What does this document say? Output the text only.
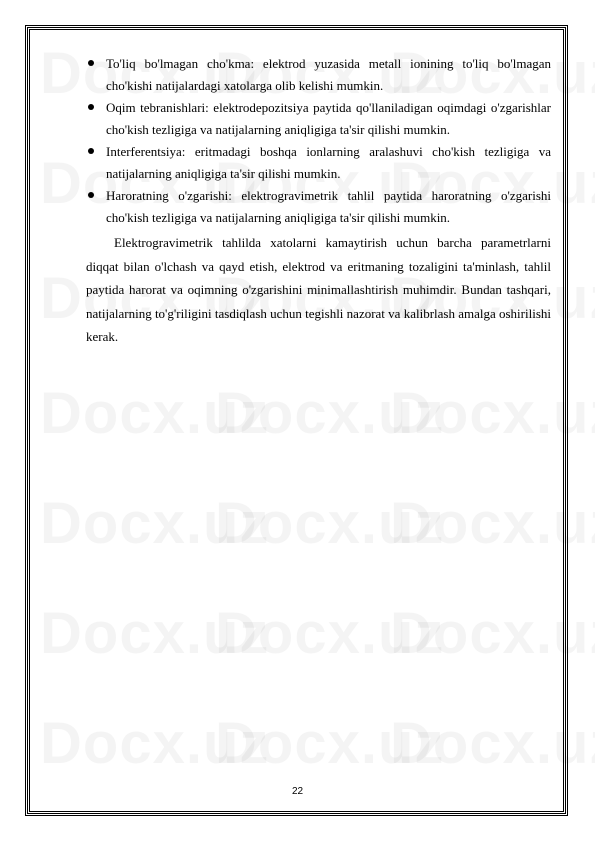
To'liq bo'lmagan cho'kma: elektrod yuzasida metall ionining to'liq bo'lmagan cho'kishi natijalardagi xatolarga olib kelishi mumkin.
Oqim tebranishlari: elektrodepozitsiya paytida qo'llaniladigan oqimdagi o'zgarishlar cho'kish tezligiga va natijalarning aniqligiga ta'sir qilishi mumkin.
Interferentsiya: eritmadagi boshqa ionlarning aralashuvi cho'kish tezligiga va natijalarning aniqligiga ta'sir qilishi mumkin.
Haroratning o'zgarishi: elektrogravimetrik tahlil paytida haroratning o'zgarishi cho'kish tezligiga va natijalarning aniqligiga ta'sir qilishi mumkin.

Elektrogravimetrik tahlilda xatolarni kamaytirish uchun barcha parametrlarni diqqat bilan o'lchash va qayd etish, elektrod va eritmaning tozaligini ta'minlash, tahlil paytida harorat va oqimning o'zgarishini minimallashtirish muhimdir. Bundan tashqari, natijalarning to'g'riligini tasdiqlash uchun tegishli nazorat va kalibrlash amalga oshirilishi kerak.

22
